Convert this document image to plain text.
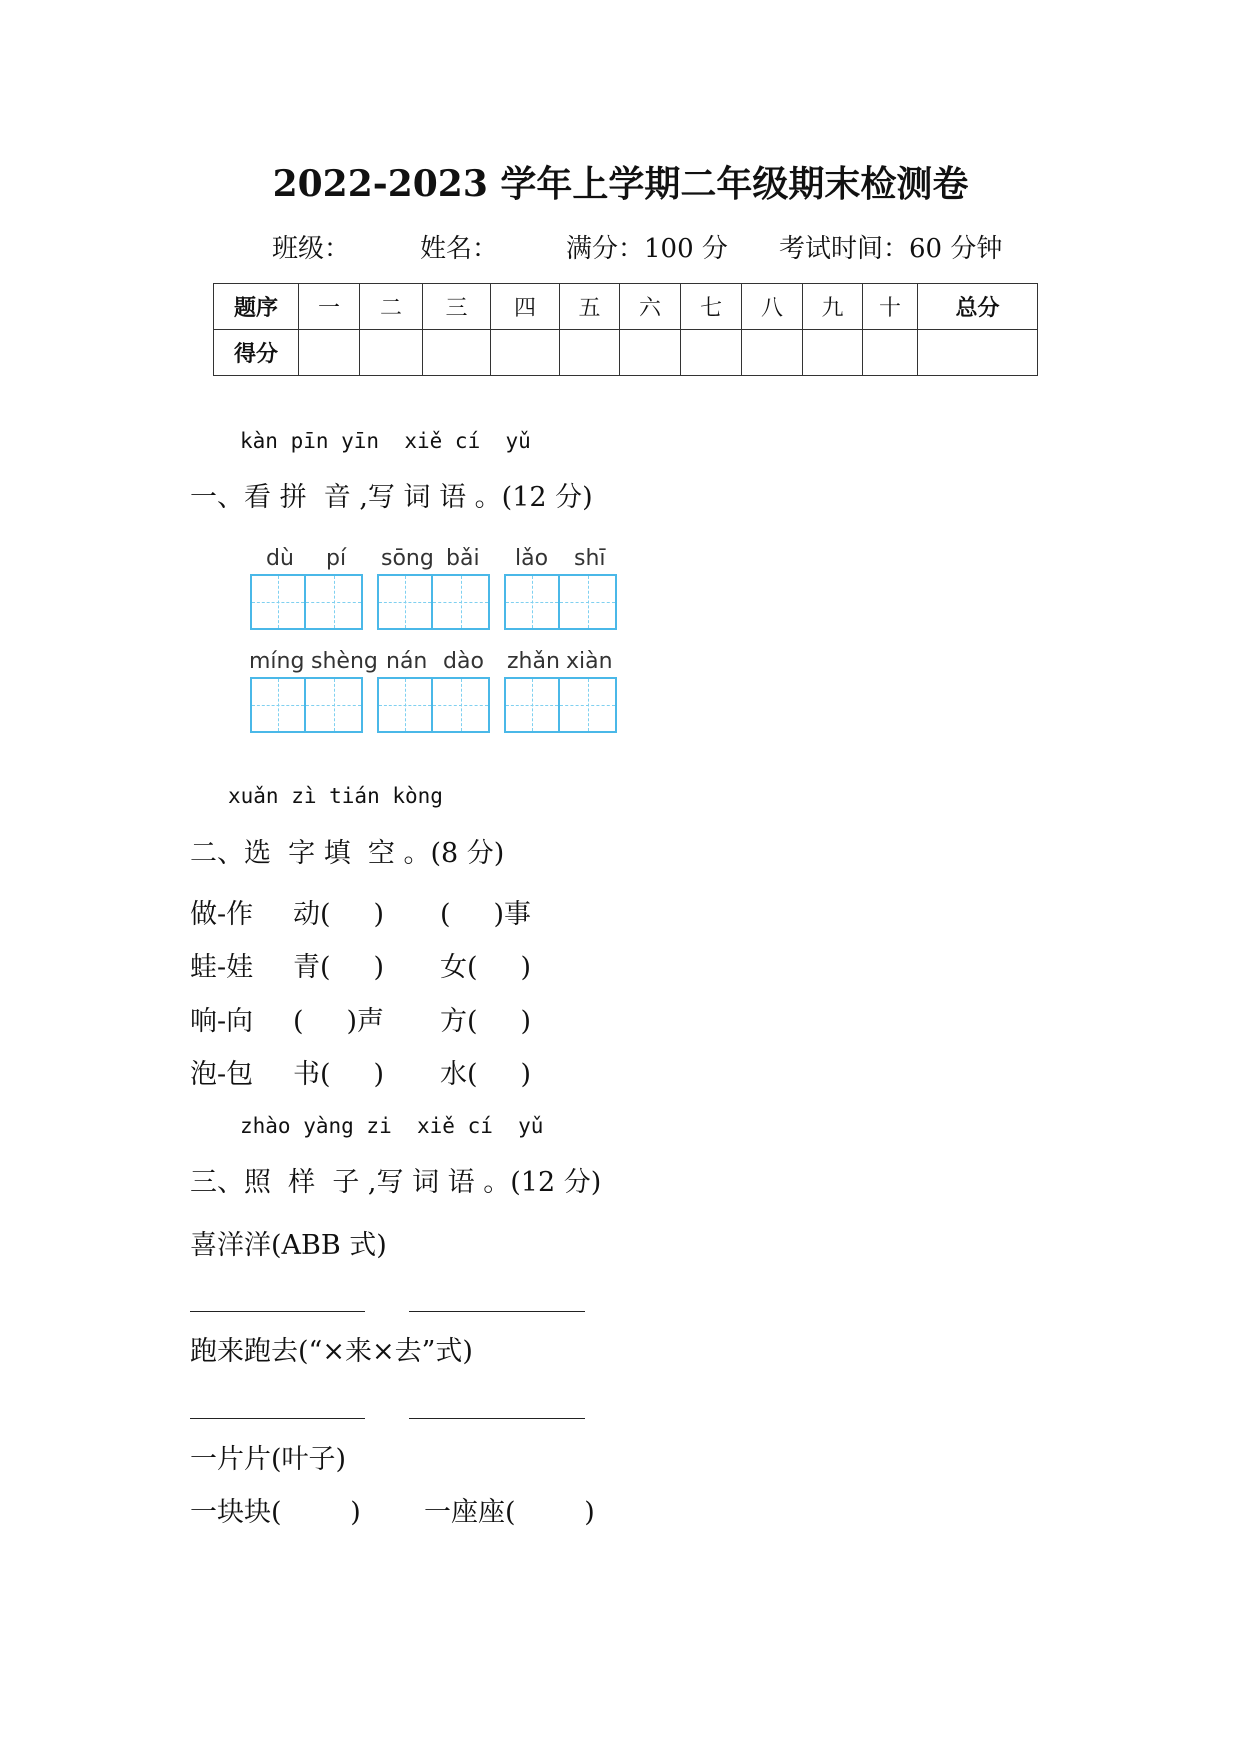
2022-2023 学年上学期二年级期末检测卷
班级：	姓名：	满分：100 分 考试时间：60 分钟
题序	一	二	三	四	五	六	七	八	九	十	总分
得分											
kàn pīn yīn  xiě cí  yǔ
一、看 拼  音 ,写 词 语 。(12 分)
dù pí sōng bǎi lǎo shī
míng shèng nán dào zhǎn xiàn
xuǎn zì tián kòng
二、选  字 填  空 。(8 分)
做-作 动(     ) (     )事
蛙-娃 青(     ) 女(     )
响-向 (     )声 方(     )
泡-包 书(     ) 水(     )
zhào yàng zi  xiě cí  yǔ
三、照  样  子 ,写 词 语 。(12 分)
喜洋洋(ABB 式)
跑来跑去(“×来×去”式)
一片片(叶子)
一块块(        ) 一座座(        )
